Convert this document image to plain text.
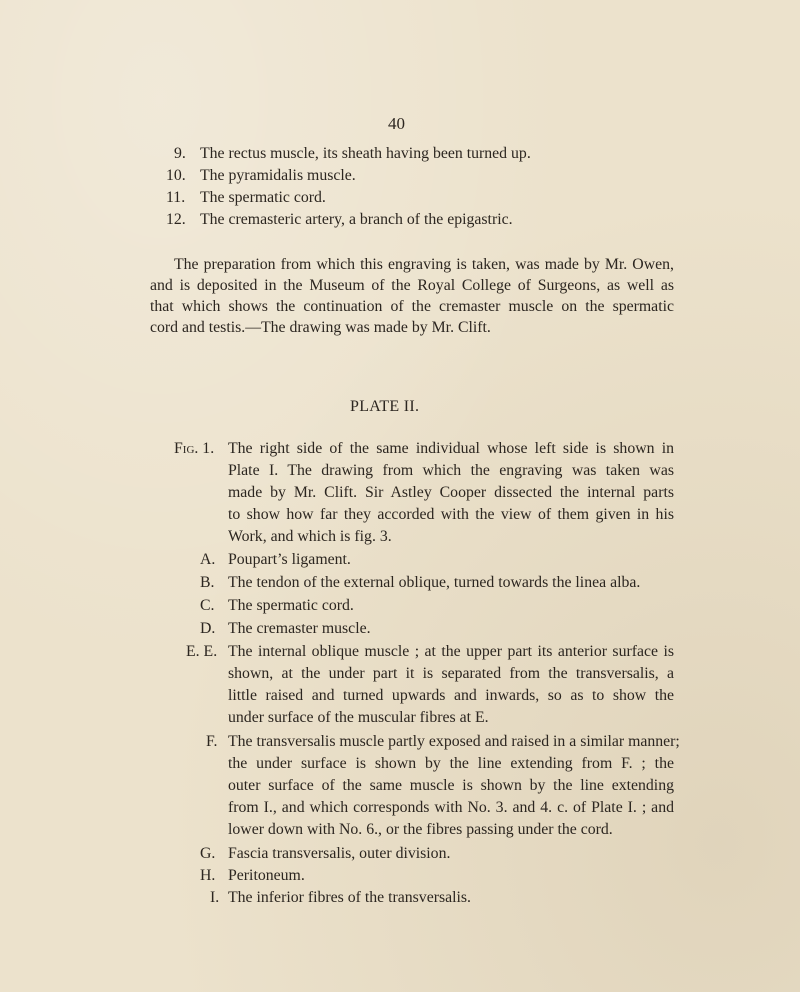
40
9. The rectus muscle, its sheath having been turned up.
10. The pyramidalis muscle.
11. The spermatic cord.
12. The cremasteric artery, a branch of the epigastric.
The preparation from which this engraving is taken, was made by Mr. Owen,
and is deposited in the Museum of the Royal College of Surgeons, as well as
that which shows the continuation of the cremaster muscle on the spermatic
cord and testis.—The drawing was made by Mr. Clift.
PLATE II.
Fig. 1. The right side of the same individual whose left side is shown in
Plate I. The drawing from which the engraving was taken was
made by Mr. Clift. Sir Astley Cooper dissected the internal parts
to show how far they accorded with the view of them given in his
Work, and which is fig. 3.
A. Poupart’s ligament.
B. The tendon of the external oblique, turned towards the linea alba.
C. The spermatic cord.
D. The cremaster muscle.
E. E. The internal oblique muscle ; at the upper part its anterior surface is
shown, at the under part it is separated from the transversalis, a
little raised and turned upwards and inwards, so as to show the
under surface of the muscular fibres at E.
F. The transversalis muscle partly exposed and raised in a similar manner;
the under surface is shown by the line extending from F. ; the
outer surface of the same muscle is shown by the line extending
from I., and which corresponds with No. 3. and 4. c. of Plate I. ; and
lower down with No. 6., or the fibres passing under the cord.
G. Fascia transversalis, outer division.
H. Peritoneum.
I. The inferior fibres of the transversalis.
